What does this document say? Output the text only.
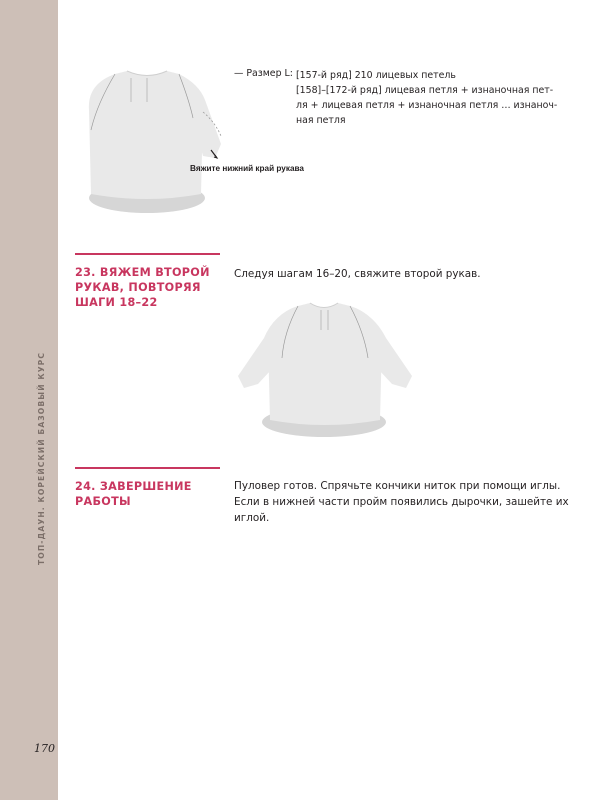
ТОП-ДАУН. КОРЕЙСКИЙ БАЗОВЫЙ КУРС
170
— Размер L: [157-й ряд] 210 лицевых петель
[158]–[172-й ряд] лицевая петля + изнаночная пет-
ля + лицевая петля + изнаночная петля … изнаноч-
ная петля
Вяжите нижний край рукава
23. ВЯЖЕМ ВТОРОЙ
РУКАВ, ПОВТОРЯЯ
ШАГИ 18–22
Следуя шагам 16–20, свяжите второй рукав.
24. ЗАВЕРШЕНИЕ
РАБОТЫ
Пуловер готов. Спрячьте кончики ниток при помощи иглы.
Если в нижней части пройм появились дырочки, зашейте их
иглой.
